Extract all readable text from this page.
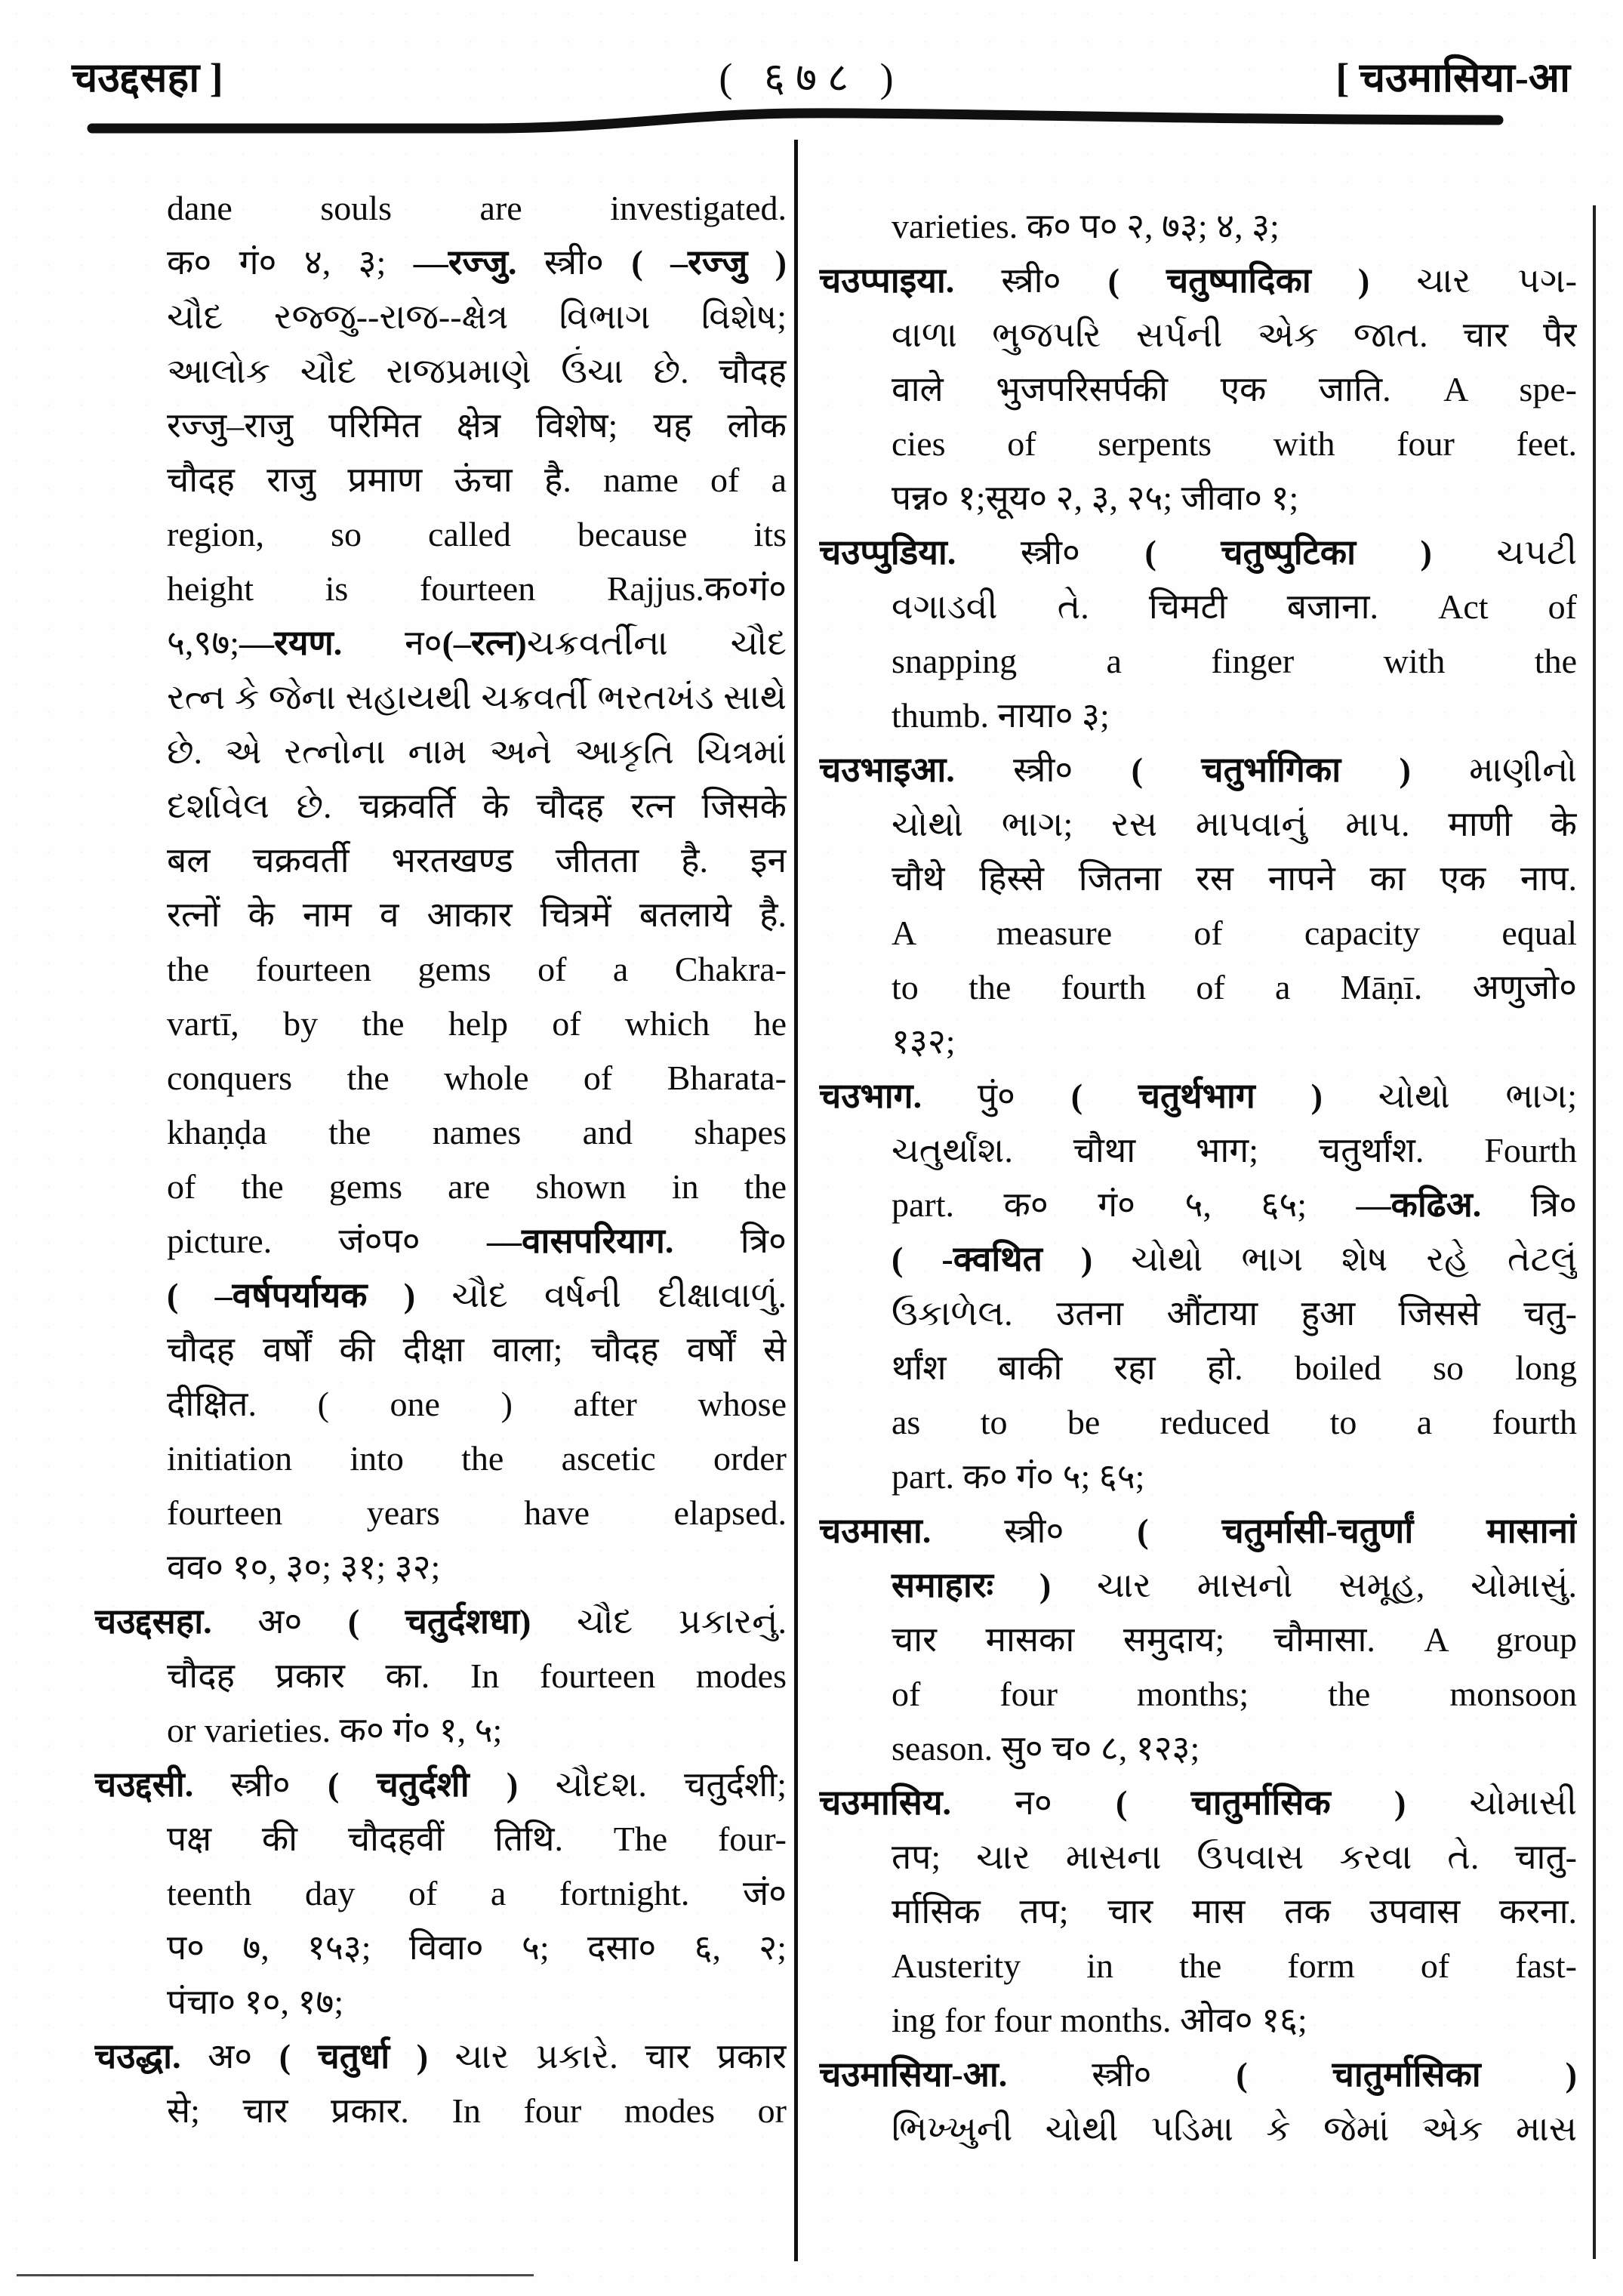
चउद्दसहा ]	( ६७८ )	[ चउमासिया-आ
dane souls are investigated.
क० गं० ४, ३; —रज्जु. स्त्री० ( –रज्जु )
ચૌદ રજ્જુ--રાજ--ક્ષેત્ર વિભાગ વિશેષ;
આલોક ચૌદ રાજપ્રમાણે ઉંચા છે. चौदह
रज्जु–राजु परिमित क्षेत्र विशेष; यह लोक
चौदह राजु प्रमाण ऊंचा है. name of a
region, so called because its
height is fourteen Rajjus.क०गं०
५,९७;—रयण. न०(–रत्न)ચક્રવર્તીના ચૌદ
રત્ન કે જેના સહાયથી ચક્રવર્તી ભરતખંડ સાથે
છે. એ રત્નોના નામ અને આકૃતિ ચિત્રમાં
દર્શાવેલ છે. चक्रवर्ति के चौदह रत्न जिसके
बल चक्रवर्ती भरतखण्ड जीतता है. इन
रत्नों के नाम व आकार चित्रमें बतलाये है.
the fourteen gems of a Chakra-
vartī, by the help of which he
conquers the whole of Bharata-
khaṇḍa the names and shapes
of the gems are shown in the
picture. जं०प० —वासपरियाग. त्रि०
( –वर्षपर्यायक ) ચૌદ વર્ષની દીક્ષાવાળું.
चौदह वर्षों की दीक्षा वाला; चौदह वर्षों से
दीक्षित. ( one ) after whose
initiation into the ascetic order
fourteen years have elapsed.
वव० १०, ३०; ३१; ३२;
चउद्दसहा. अ० ( चतुर्दशधा) ચૌદ પ્રકારનું.
चौदह प्रकार का. In fourteen modes
or varieties. क० गं० १, ५;
चउद्दसी. स्त्री० ( चतुर्दशी ) ચૌદશ. चतुर्दशी;
पक्ष की चौदहवीं तिथि. The four-
teenth day of a fortnight. जं०
प० ७, १५३; विवा० ५; दसा० ६, २;
पंचा० १०, १७;
चउद्धा. अ० ( चतुर्धा ) ચાર પ્રકારે. चार प्रकार
से; चार प्रकार. In four modes or
varieties. क० प० २, ७३; ४, ३;
चउप्पाइया. स्त्री० ( चतुष्पादिका ) ચાર પગ-
વાળા ભુજપરિ સર્પની એક જાત. चार पैर
वाले भुजपरिसर्पकी एक जाति. A spe-
cies of serpents with four feet.
पन्न० १;सूय० २, ३, २५; जीवा० १;
चउप्पुडिया. स्त्री० ( चतुष्पुटिका ) ચપટી
વગાડવી તે. चिमटी बजाना. Act of
snapping a finger with the
thumb. नाया० ३;
चउभाइआ. स्त्री० ( चतुर्भागिका ) માણીનો
ચોથો ભાગ; રસ માપવાનું માપ. माणी के
चौथे हिस्से जितना रस नापने का एक नाप.
A measure of capacity equal
to the fourth of a Māṇī. अणुजो०
१३२;
चउभाग. पुं० ( चतुर्थभाग ) ચોથો ભાગ;
ચતુર્થાંશ. चौथा भाग; चतुर्थांश. Fourth
part. क० गं० ५, ६५; —कढिअ. त्रि०
( -क्वथित ) ચોથો ભાગ શેષ રહે તેટલું
ઉકાળેલ. उतना औंटाया हुआ जिससे चतु-
र्थांश बाकी रहा हो. boiled so long
as to be reduced to a fourth
part. क० गं० ५; ६५;
चउमासा. स्त्री० ( चतुर्मासी-चतुर्णां मासानां
समाहारः ) ચાર માસનો સમૂહ, ચોમાસું.
चार मासका समुदाय; चौमासा. A group
of four months; the monsoon
season. सु० च० ८, १२३;
चउमासिय. न० ( चातुर्मासिक ) ચોમાસી
तप; ચાર માસના ઉપવાસ કરવા તે. चातु-
र्मासिक तप; चार मास तक उपवास करना.
Austerity in the form of fast-
ing for four months. ओव० १६;
चउमासिया-आ. स्त्री० ( चातुर्मासिका )
ભિખ્ખુની ચોથી પડિમા કે જેમાં એક માસ
